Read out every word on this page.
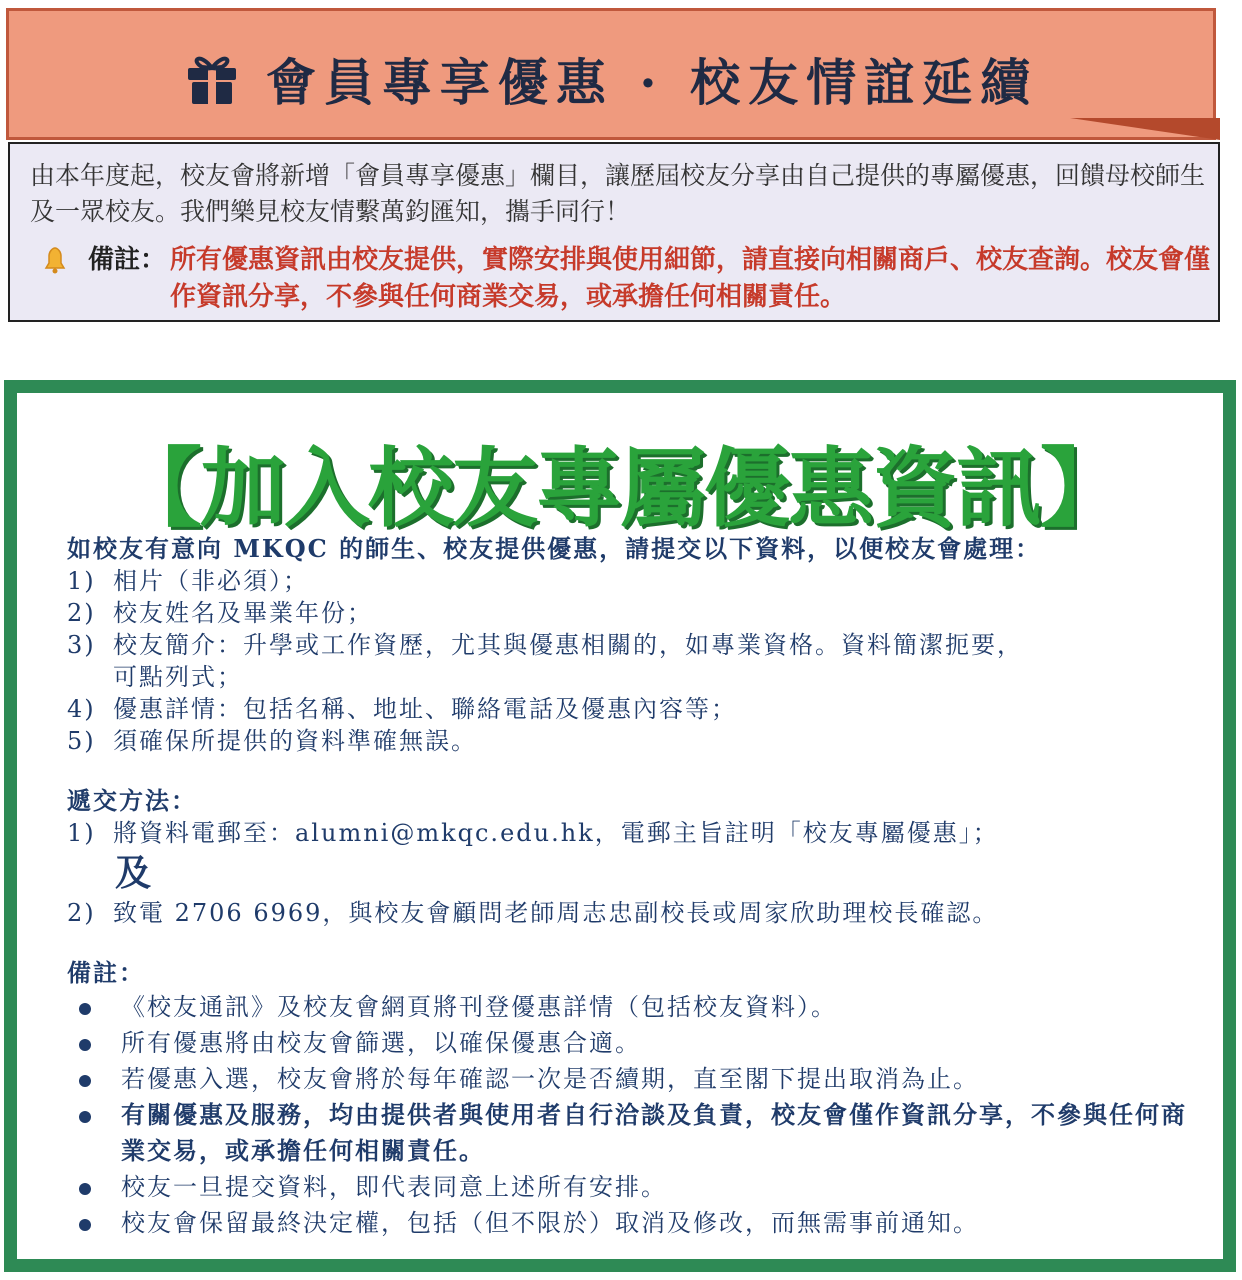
會員專享優惠 · 校友情誼延續
由本年度起，校友會將新增「會員專享優惠」欄目，讓歷屆校友分享由自己提供的專屬優惠，回饋母校師生及一眾校友。我們樂見校友情繫萬鈞匯知，攜手同行！
備註： 所有優惠資訊由校友提供，實際安排與使用細節，請直接向相關商戶、校友查詢。校友會僅作資訊分享，不參與任何商業交易，或承擔任何相關責任。
【加入校友專屬優惠資訊】
如校友有意向 MKQC 的師生、校友提供優惠，請提交以下資料，以便校友會處理：
1) 相片（非必須）；
2) 校友姓名及畢業年份；
3) 校友簡介：升學或工作資歷，尤其與優惠相關的，如專業資格。資料簡潔扼要，
可點列式；
4) 優惠詳情：包括名稱、地址、聯絡電話及優惠內容等；
5) 須確保所提供的資料準確無誤。
遞交方法：
1) 將資料電郵至：alumni@mkqc.edu.hk，電郵主旨註明「校友專屬優惠」；
及
2) 致電 2706 6969，與校友會顧問老師周志忠副校長或周家欣助理校長確認。
備註：
《校友通訊》及校友會網頁將刊登優惠詳情（包括校友資料）。
所有優惠將由校友會篩選，以確保優惠合適。
若優惠入選，校友會將於每年確認一次是否續期，直至閣下提出取消為止。
有關優惠及服務，均由提供者與使用者自行洽談及負責，校友會僅作資訊分享，不參與任何商業交易，或承擔任何相關責任。
校友一旦提交資料，即代表同意上述所有安排。
校友會保留最終決定權，包括（但不限於）取消及修改，而無需事前通知。
